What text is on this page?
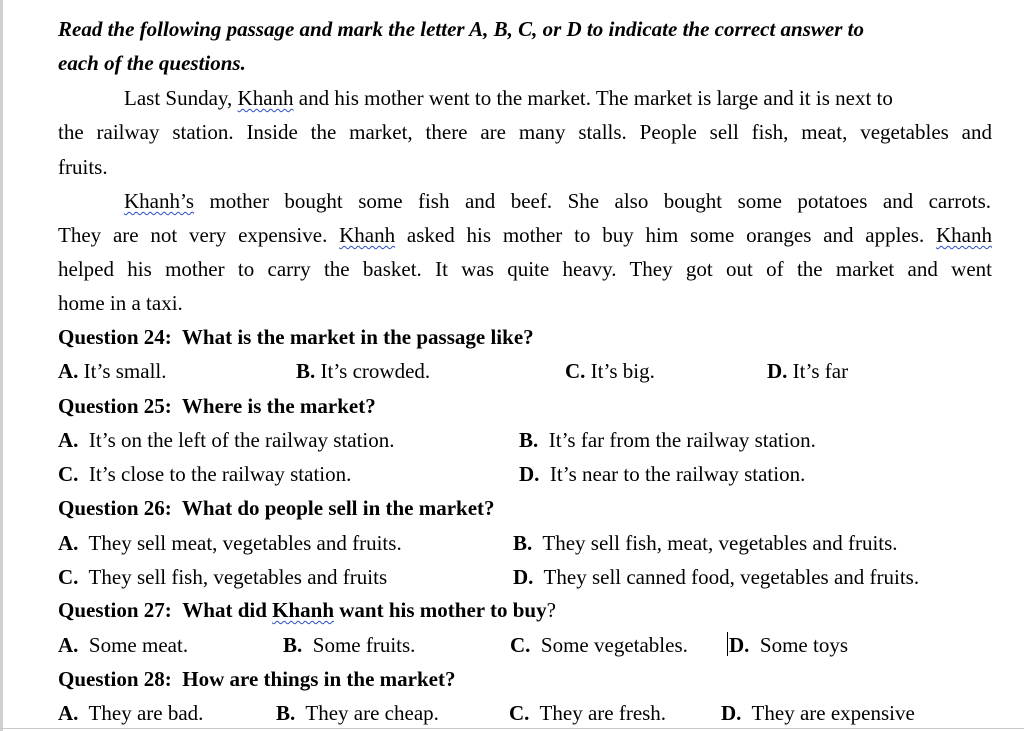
Read the following passage and mark the letter A, B, C, or D to indicate the correct answer to
each of the questions.
Last Sunday, Khanh and his mother went to the market. The market is large and it is next to
the railway station. Inside the market, there are many stalls. People sell fish, meat, vegetables and
fruits.
Khanh’s mother bought some fish and beef. She also bought some potatoes and carrots.
They are not very expensive. Khanh asked his mother to buy him some oranges and apples. Khanh
helped his mother to carry the basket. It was quite heavy. They got out of the market and went
home in a taxi.
Question 24: What is the market in the passage like?
A. It’s small.	B. It’s crowded.	C. It’s big.	D. It’s far
Question 25: Where is the market?
A. It’s on the left of the railway station.	B. It’s far from the railway station.
C. It’s close to the railway station.	D. It’s near to the railway station.
Question 26: What do people sell in the market?
A. They sell meat, vegetables and fruits.	B. They sell fish, meat, vegetables and fruits.
C. They sell fish, vegetables and fruits	D. They sell canned food, vegetables and fruits.
Question 27: What did Khanh want his mother to buy?
A. Some meat.	B. Some fruits.	C. Some vegetables. D. Some toys
Question 28: How are things in the market?
A. They are bad.	B. They are cheap.	C. They are fresh.	D. They are expensive
